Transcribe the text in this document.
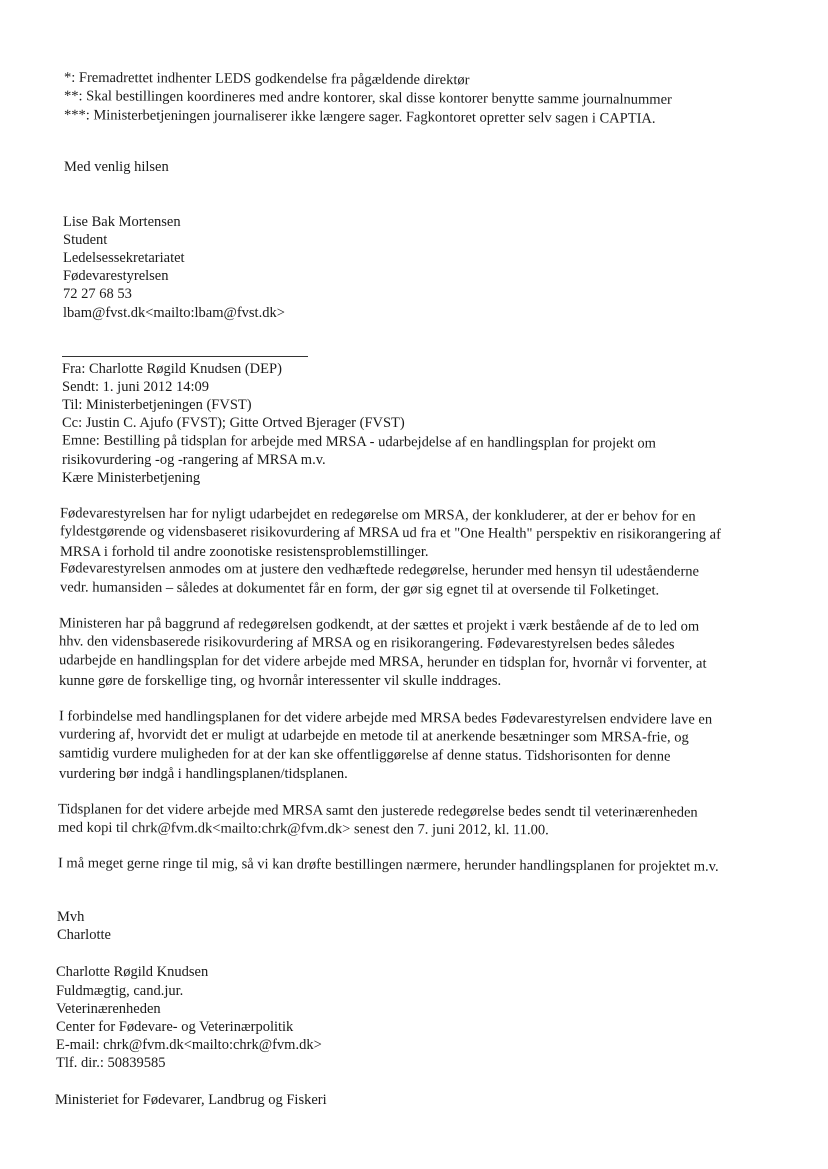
*: Fremadrettet indhenter LEDS godkendelse fra pågældende direktør
**: Skal bestillingen koordineres med andre kontorer, skal disse kontorer benytte samme journalnummer
***: Ministerbetjeningen journaliserer ikke længere sager. Fagkontoret opretter selv sagen i CAPTIA.
Med venlig hilsen
Lise Bak Mortensen
Student
Ledelsessekretariatet
Fødevarestyrelsen
72 27 68 53
lbam@fvst.dk<mailto:lbam@fvst.dk>
Fra: Charlotte Røgild Knudsen (DEP)
Sendt: 1. juni 2012 14:09
Til: Ministerbetjeningen (FVST)
Cc: Justin C. Ajufo (FVST); Gitte Ortved Bjerager (FVST)
Emne: Bestilling på tidsplan for arbejde med MRSA - udarbejdelse af en handlingsplan for projekt om
risikovurdering -og -rangering af MRSA m.v.
Kære Ministerbetjening
Fødevarestyrelsen har for nyligt udarbejdet en redegørelse om MRSA, der konkluderer, at der er behov for en
fyldestgørende og vidensbaseret risikovurdering af MRSA ud fra et "One Health" perspektiv en risikorangering af
MRSA i forhold til andre zoonotiske resistensproblemstillinger.
Fødevarestyrelsen anmodes om at justere den vedhæftede redegørelse, herunder med hensyn til udeståenderne
vedr. humansiden – således at dokumentet får en form, der gør sig egnet til at oversende til Folketinget.
Ministeren har på baggrund af redegørelsen godkendt, at der sættes et projekt i værk bestående af de to led om
hhv. den vidensbaserede risikovurdering af MRSA og en risikorangering. Fødevarestyrelsen bedes således
udarbejde en handlingsplan for det videre arbejde med MRSA, herunder en tidsplan for, hvornår vi forventer, at
kunne gøre de forskellige ting, og hvornår interessenter vil skulle inddrages.
I forbindelse med handlingsplanen for det videre arbejde med MRSA bedes Fødevarestyrelsen endvidere lave en
vurdering af, hvorvidt det er muligt at udarbejde en metode til at anerkende besætninger som MRSA-frie, og
samtidig vurdere muligheden for at der kan ske offentliggørelse af denne status. Tidshorisonten for denne
vurdering bør indgå i handlingsplanen/tidsplanen.
Tidsplanen for det videre arbejde med MRSA samt den justerede redegørelse bedes sendt til veterinærenheden
med kopi til chrk@fvm.dk<mailto:chrk@fvm.dk> senest den 7. juni 2012, kl. 11.00.
I må meget gerne ringe til mig, så vi kan drøfte bestillingen nærmere, herunder handlingsplanen for projektet m.v.
Mvh
Charlotte
Charlotte Røgild Knudsen
Fuldmægtig, cand.jur.
Veterinærenheden
Center for Fødevare- og Veterinærpolitik
E-mail: chrk@fvm.dk<mailto:chrk@fvm.dk>
Tlf. dir.: 50839585
Ministeriet for Fødevarer, Landbrug og Fiskeri
